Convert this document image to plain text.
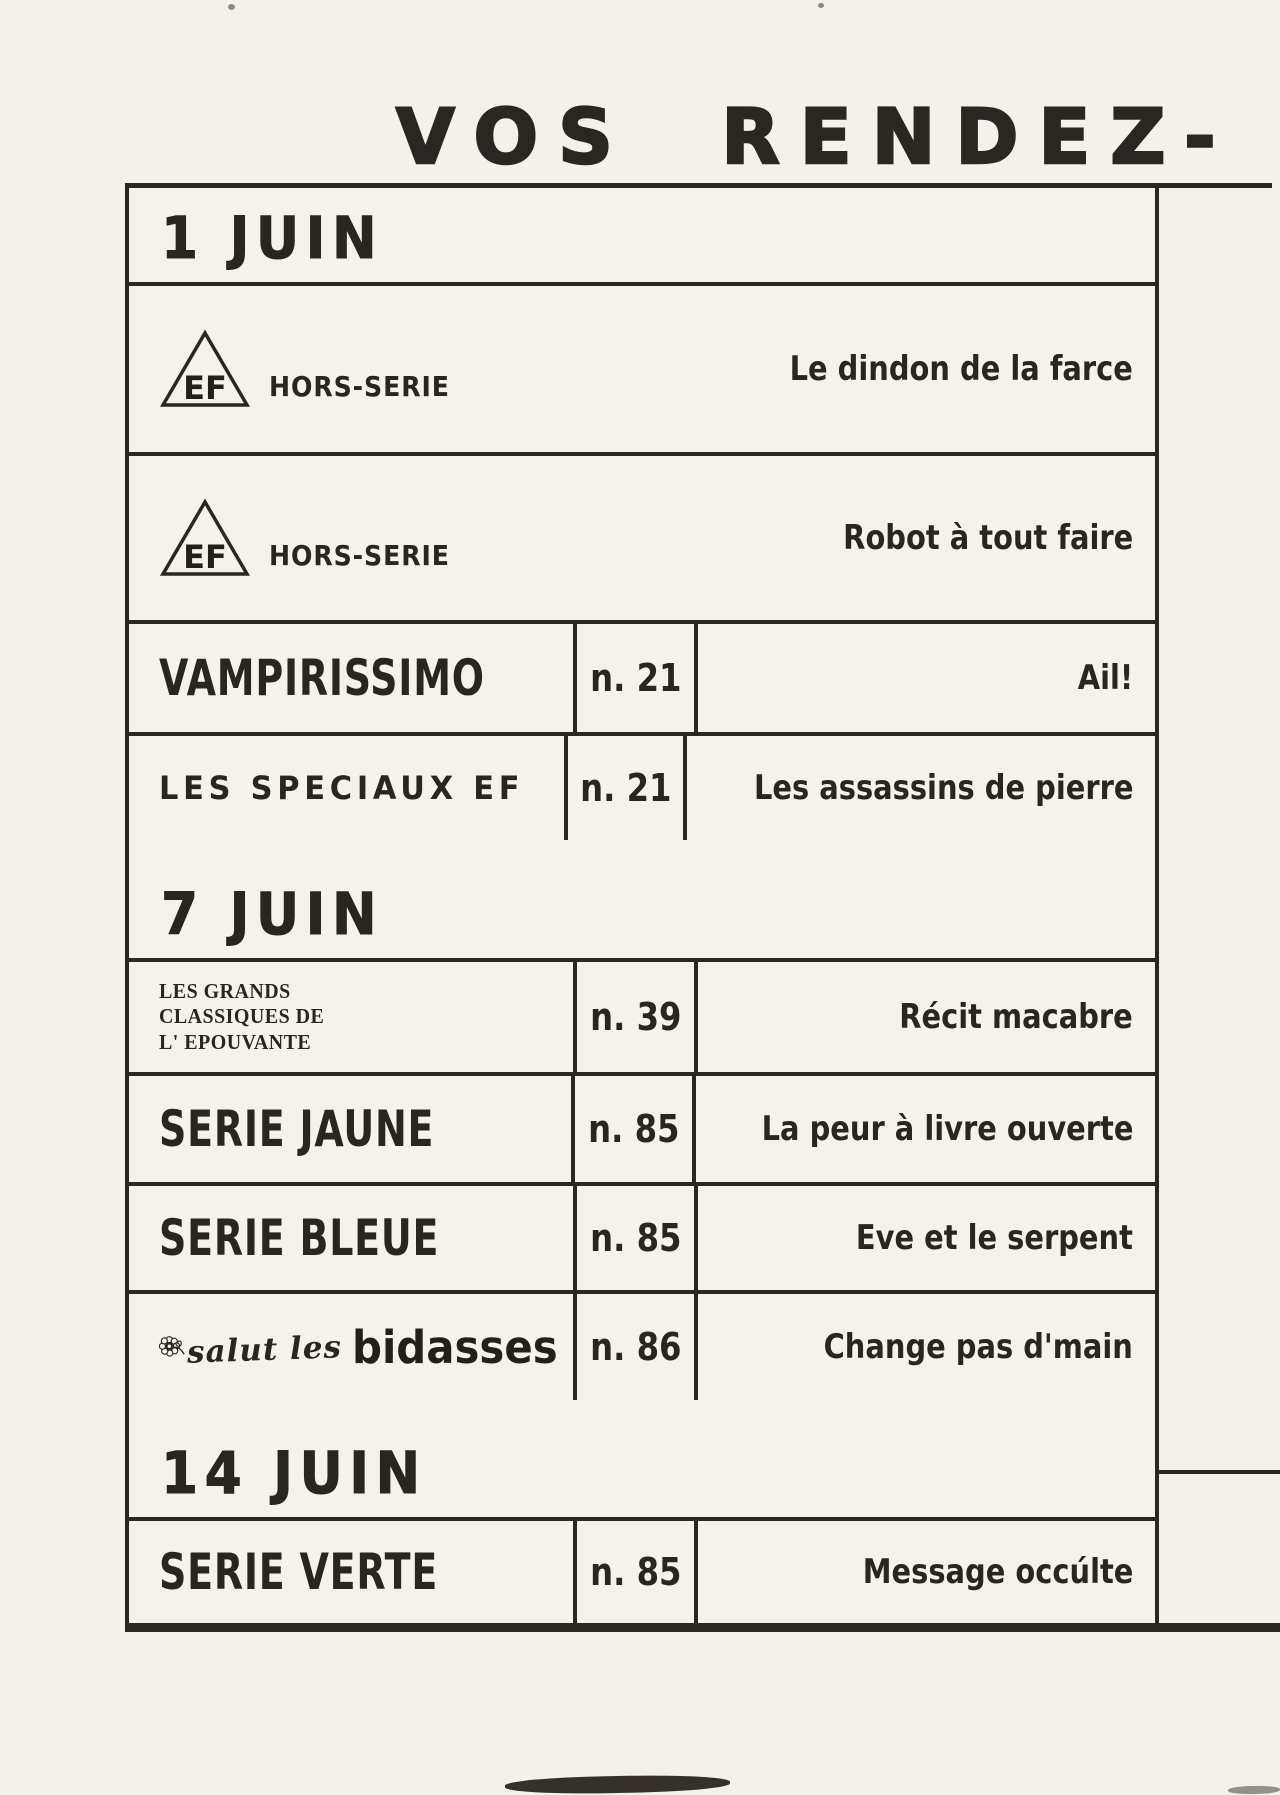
VOS RENDEZ-
1 JUIN
EF HORS-SERIE	Le dindon de la farce
EF HORS-SERIE	Robot à tout faire
VAMPIRISSIMO	n. 21	Ail!
LES SPECIAUX EF n. 21 Les assassins de pierre
7 JUIN
LES GRANDS
CLASSIQUES DE
L' EPOUVANTE
n. 39	Récit macabre
SERIE JAUNE	n. 85 La peur à livre ouverte
SERIE BLEUE	n. 85	Eve et le serpent
salut les bidasses n. 86	Change pas d'main
14 JUIN
SERIE VERTE	n. 85	Message occúlte
